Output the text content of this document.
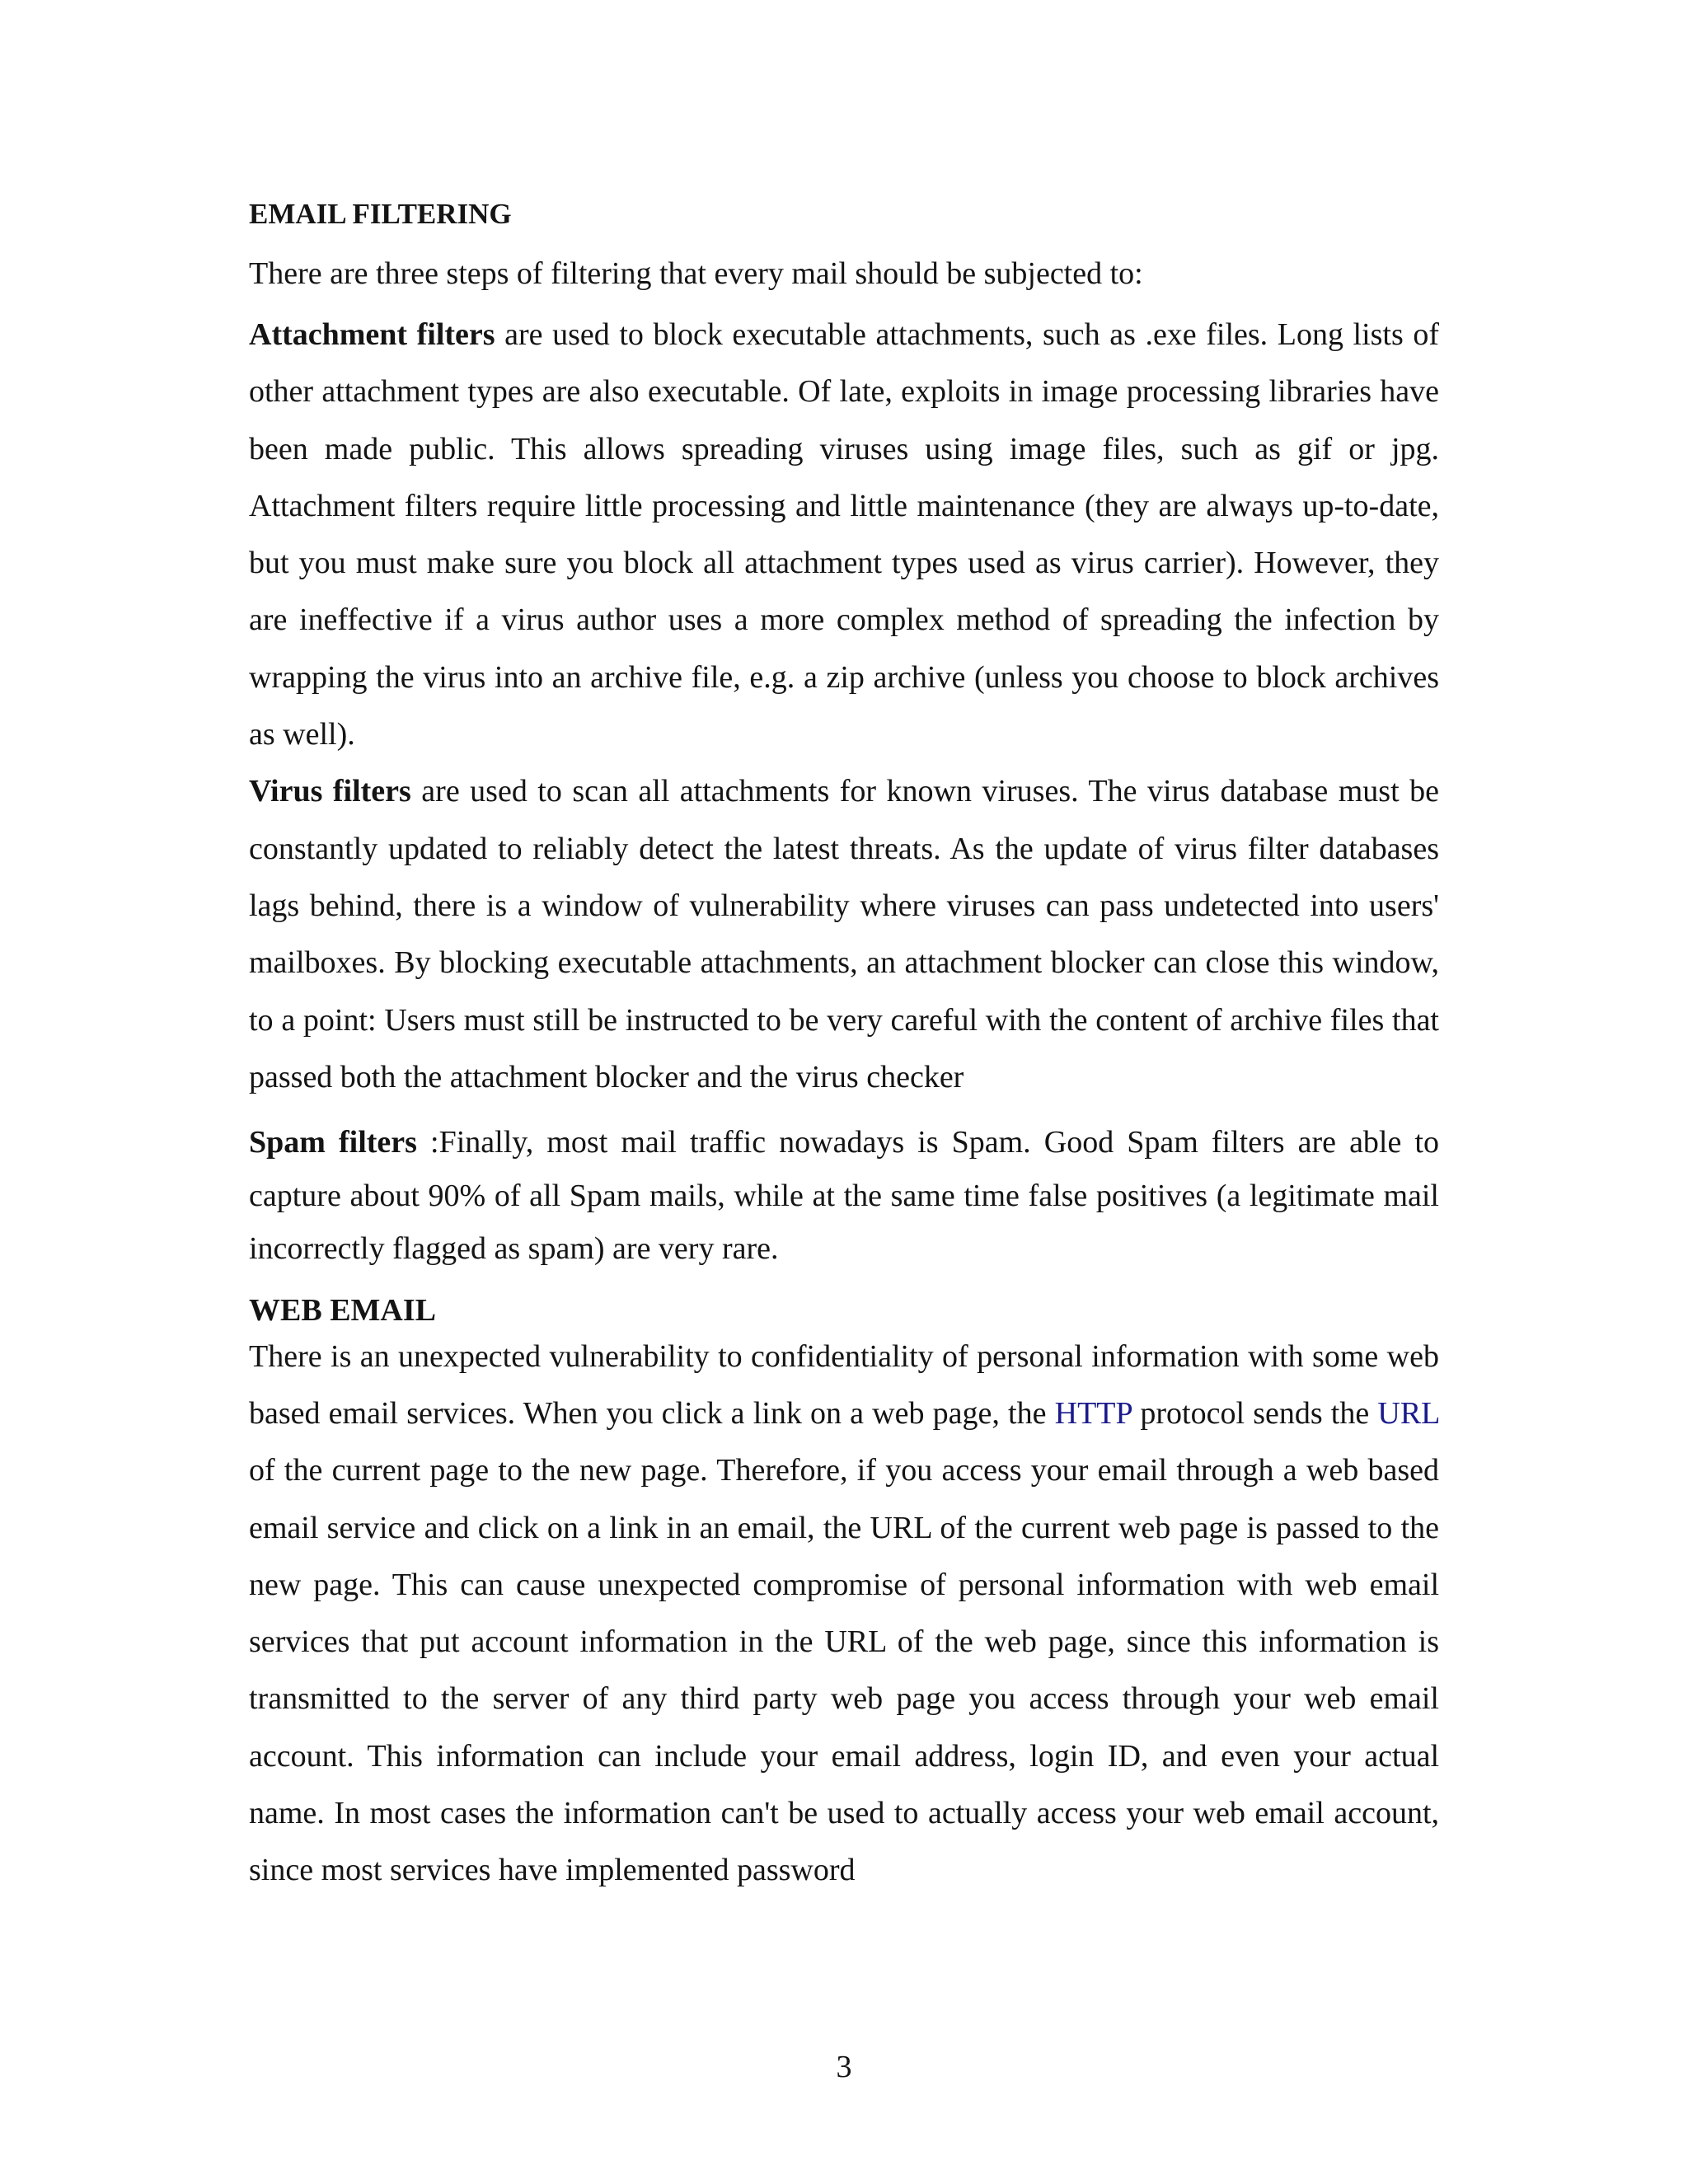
EMAIL FILTERING
There are three steps of filtering that every mail should be subjected to:

Attachment filters are used to block executable attachments, such as .exe files. Long lists of other attachment types are also executable. Of late, exploits in image processing libraries have been made public. This allows spreading viruses using image files, such as gif or jpg. Attachment filters require little processing and little maintenance (they are always up-to-date, but you must make sure you block all attachment types used as virus carrier). However, they are ineffective if a virus author uses a more complex method of spreading the infection by wrapping the virus into an archive file, e.g. a zip archive (unless you choose to block archives as well).

Virus filters are used to scan all attachments for known viruses. The virus database must be constantly updated to reliably detect the latest threats. As the update of virus filter databases lags behind, there is a window of vulnerability where viruses can pass undetected into users' mailboxes. By blocking executable attachments, an attachment blocker can close this window, to a point: Users must still be instructed to be very careful with the content of archive files that passed both the attachment blocker and the virus checker

Spam filters :Finally, most mail traffic nowadays is Spam. Good Spam filters are able to capture about 90% of all Spam mails, while at the same time false positives (a legitimate mail incorrectly flagged as spam) are very rare.

WEB EMAIL

There is an unexpected vulnerability to confidentiality of personal information with some web based email services. When you click a link on a web page, the HTTP protocol sends the URL of the current page to the new page. Therefore, if you access your email through a web based email service and click on a link in an email, the URL of the current web page is passed to the new page. This can cause unexpected compromise of personal information with web email services that put account information in the URL of the web page, since this information is transmitted to the server of any third party web page you access through your web email account. This information can include your email address, login ID, and even your actual name. In most cases the information can't be used to actually access your web email account, since most services have implemented password

3
